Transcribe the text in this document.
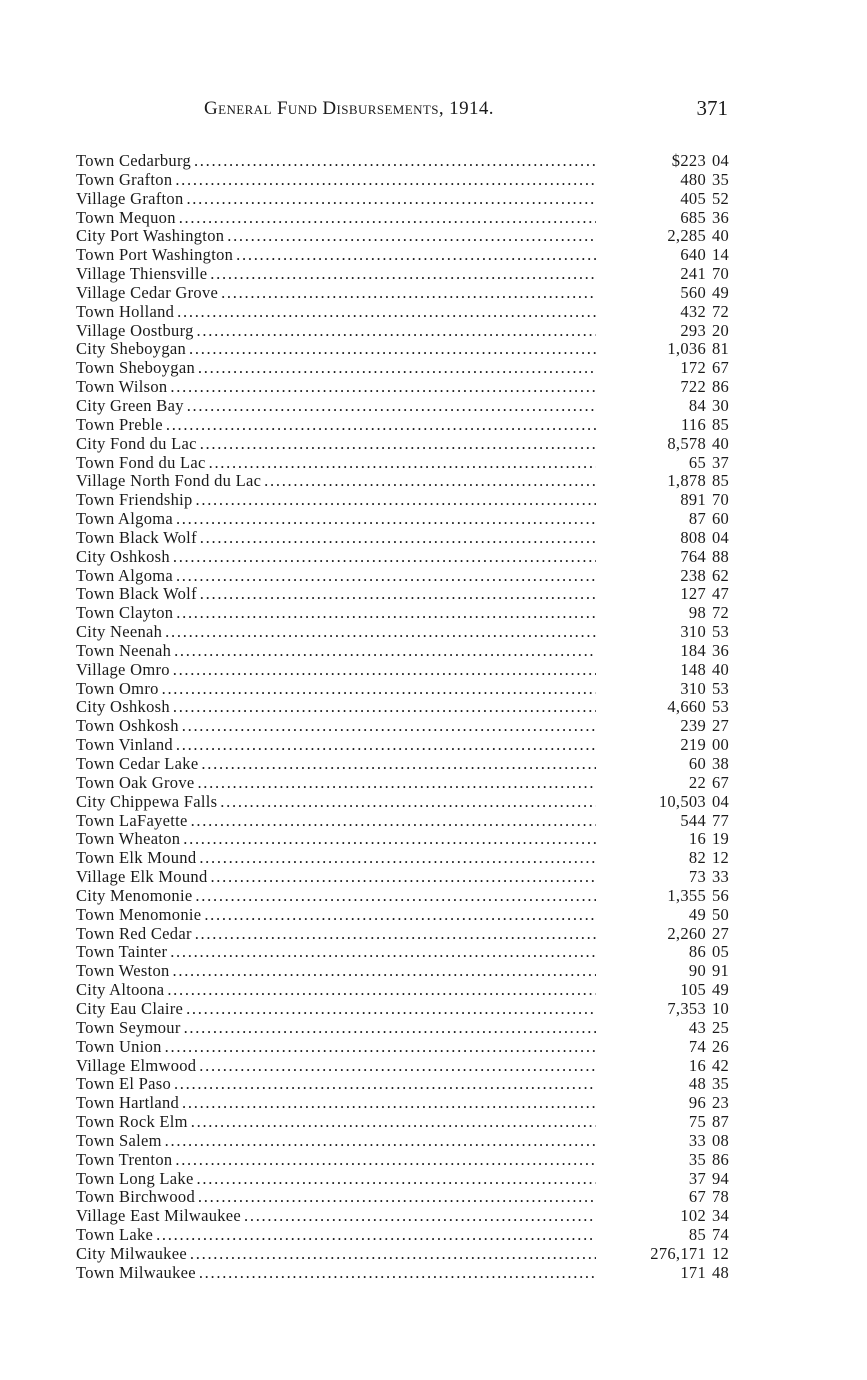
General Fund Disbursements, 1914.	371
Town Cedarburg . . .	$223 04
Town Grafton . . .	480 35
Village Grafton . . .	405 52
Town Mequon . . .	685 36
City Port Washington . . .	2,285 40
Town Port Washington . . .	640 14
Village Thiensville . . .	241 70
Village Cedar Grove . . .	560 49
Town Holland . . .	432 72
Village Oostburg . . .	293 20
City Sheboygan . . .	1,036 81
Town Sheboygan . . .	172 67
Town Wilson . . .	722 86
City Green Bay . . .	84 30
Town Preble . . .	116 85
City Fond du Lac . . .	8,578 40
Town Fond du Lac . . .	65 37
Village North Fond du Lac . . .	1,878 85
Town Friendship . . .	891 70
Town Algoma . . .	87 60
Town Black Wolf . . .	808 04
City Oshkosh . . .	764 88
Town Algoma . . .	238 62
Town Black Wolf . . .	127 47
Town Clayton . . .	98 72
City Neenah . . .	310 53
Town Neenah . . .	184 36
Village Omro . . .	148 40
Town Omro . . .	310 53
City Oshkosh . . .	4,660 53
Town Oshkosh . . .	239 27
Town Vinland . . .	219 00
Town Cedar Lake . . .	60 38
Town Oak Grove . . .	22 67
City Chippewa Falls . . .	10,503 04
Town LaFayette . . .	544 77
Town Wheaton . . .	16 19
Town Elk Mound . . .	82 12
Village Elk Mound . . .	73 33
City Menomonie . . .	1,355 56
Town Menomonie . . .	49 50
Town Red Cedar . . .	2,260 27
Town Tainter . . .	86 05
Town Weston . . .	90 91
City Altoona . . .	105 49
City Eau Claire . . .	7,353 10
Town Seymour . . .	43 25
Town Union . . .	74 26
Village Elmwood . . .	16 42
Town El Paso . . .	48 35
Town Hartland . . .	96 23
Town Rock Elm . . .	75 87
Town Salem . . .	33 08
Town Trenton . . .	35 86
Town Long Lake . . .	37 94
Town Birchwood . . .	67 78
Village East Milwaukee . . .	102 34
Town Lake . . .	85 74
City Milwaukee . . .	276,171 12
Town Milwaukee . . .	171 48
